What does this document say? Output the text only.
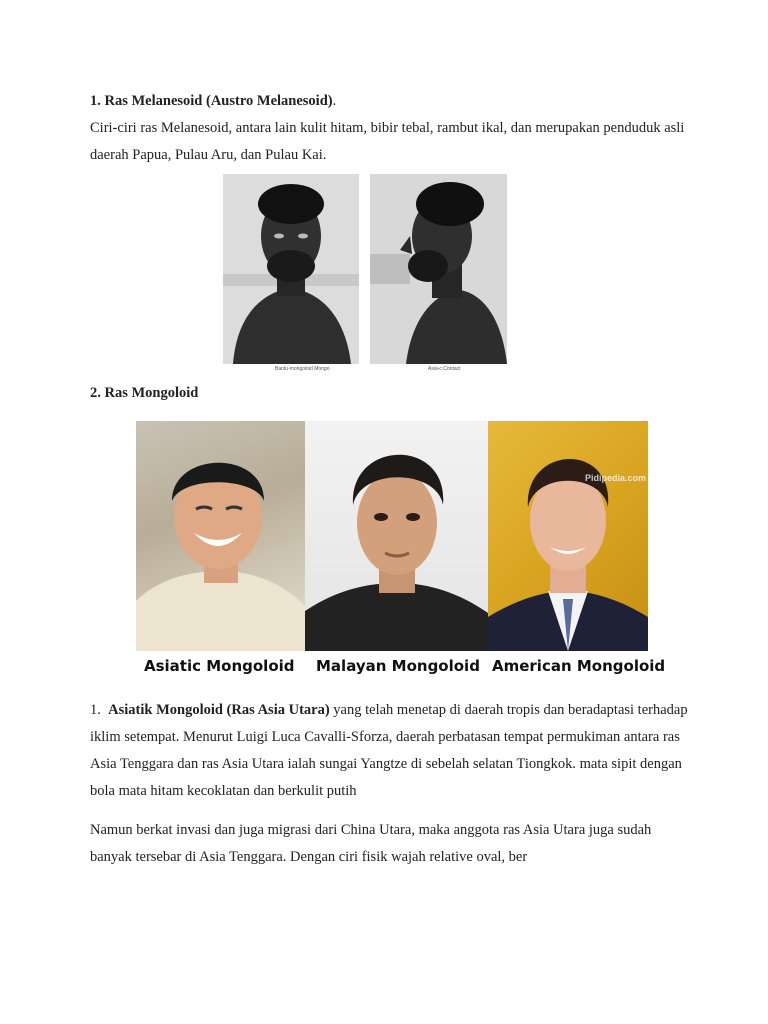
1. Ras Melanesoid (Austro Melanesoid).

Ciri-ciri ras Melanesoid, antara lain kulit hitam, bibir tebal, rambut ikal, dan merupakan penduduk asli daerah Papua, Pulau Aru, dan Pulau Kai.

Bantu-mongoloid Mongo	Asia-c.Contact

2. Ras Mongoloid

Pidipedia.com
Asiatic Mongoloid Malayan Mongoloid American Mongoloid

1. Asiatik Mongoloid (Ras Asia Utara) yang telah menetap di daerah tropis dan beradaptasi terhadap iklim setempat. Menurut Luigi Luca Cavalli-Sforza, daerah perbatasan tempat permukiman antara ras Asia Tenggara dan ras Asia Utara ialah sungai Yangtze di sebelah selatan Tiongkok. mata sipit dengan bola mata hitam kecoklatan dan berkulit putih

Namun berkat invasi dan juga migrasi dari China Utara, maka anggota ras Asia Utara juga sudah banyak tersebar di Asia Tenggara. Dengan ciri fisik wajah relative oval, ber
